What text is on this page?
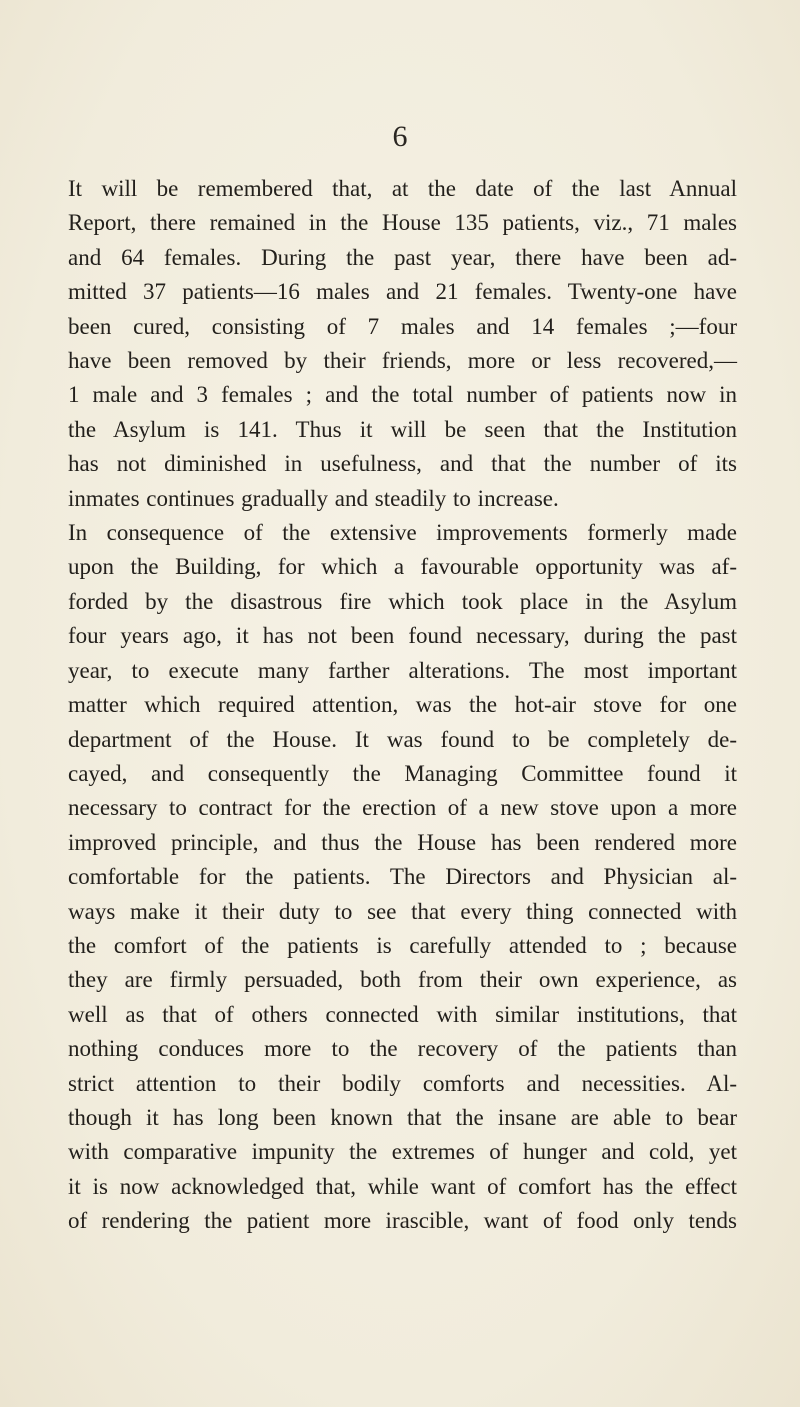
6
It will be remembered that, at the date of the last Annual
Report, there remained in the House 135 patients, viz., 71 males
and 64 females. During the past year, there have been ad-
mitted 37 patients—16 males and 21 females. Twenty-one have
been cured, consisting of 7 males and 14 females ;—four
have been removed by their friends, more or less recovered,—
1 male and 3 females ; and the total number of patients now in
the Asylum is 141. Thus it will be seen that the Institution
has not diminished in usefulness, and that the number of its
inmates continues gradually and steadily to increase.
In consequence of the extensive improvements formerly made
upon the Building, for which a favourable opportunity was af-
forded by the disastrous fire which took place in the Asylum
four years ago, it has not been found necessary, during the past
year, to execute many farther alterations. The most important
matter which required attention, was the hot-air stove for one
department of the House. It was found to be completely de-
cayed, and consequently the Managing Committee found it
necessary to contract for the erection of a new stove upon a more
improved principle, and thus the House has been rendered more
comfortable for the patients. The Directors and Physician al-
ways make it their duty to see that every thing connected with
the comfort of the patients is carefully attended to ; because
they are firmly persuaded, both from their own experience, as
well as that of others connected with similar institutions, that
nothing conduces more to the recovery of the patients than
strict attention to their bodily comforts and necessities. Al-
though it has long been known that the insane are able to bear
with comparative impunity the extremes of hunger and cold, yet
it is now acknowledged that, while want of comfort has the effect
of rendering the patient more irascible, want of food only tends
